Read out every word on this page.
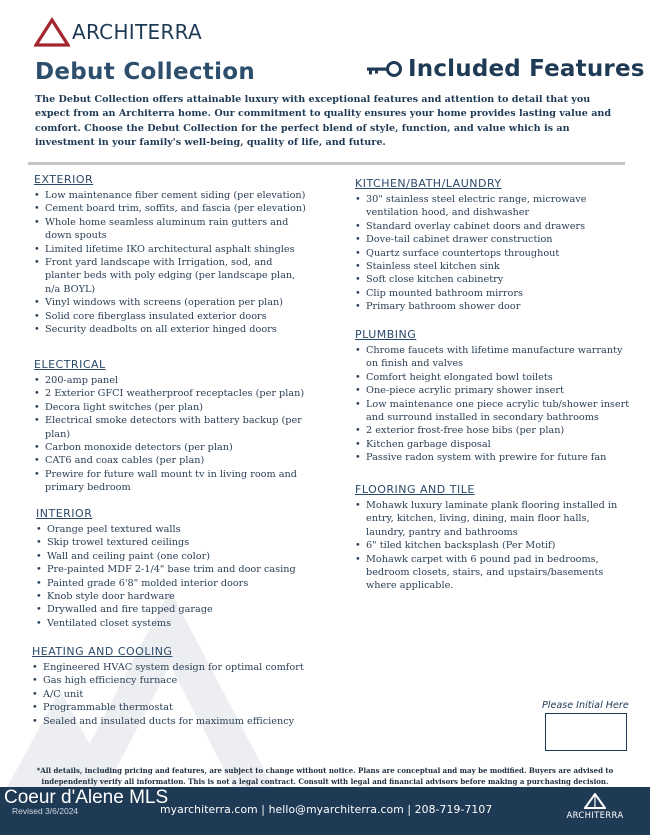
ARCHITERRA
Debut Collection	Included Features

The Debut Collection offers attainable luxury with exceptional features and attention to detail that you expect from an Architerra home. Our commitment to quality ensures your home provides lasting value and comfort. Choose the Debut Collection for the perfect blend of style, function, and value which is an investment in your family's well-being, quality of life, and future.

EXTERIOR
• Low maintenance fiber cement siding (per elevation)
• Cement board trim, soffits, and fascia (per elevation)
• Whole home seamless aluminum rain gutters and down spouts
• Limited lifetime IKO architectural asphalt shingles
• Front yard landscape with Irrigation, sod, and planter beds with poly edging (per landscape plan, n/a BOYL)
• Vinyl windows with screens (operation per plan)
• Solid core fiberglass insulated exterior doors
• Security deadbolts on all exterior hinged doors
ELECTRICAL
• 200-amp panel
• 2 Exterior GFCI weatherproof receptacles (per plan)
• Decora light switches (per plan)
• Electrical smoke detectors with battery backup (per plan)
• Carbon monoxide detectors (per plan)
• CAT6 and coax cables (per plan)
• Prewire for future wall mount tv in living room and primary bedroom
INTERIOR
• Orange peel textured walls
• Skip trowel textured ceilings
• Wall and ceiling paint (one color)
• Pre-painted MDF 2-1/4" base trim and door casing
• Painted grade 6'8" molded interior doors
• Knob style door hardware
• Drywalled and fire tapped garage
• Ventilated closet systems
HEATING AND COOLING
• Engineered HVAC system design for optimal comfort
• Gas high efficiency furnace
• A/C unit
• Programmable thermostat
• Sealed and insulated ducts for maximum efficiency
KITCHEN/BATH/LAUNDRY
• 30" stainless steel electric range, microwave ventilation hood, and dishwasher
• Standard overlay cabinet doors and drawers
• Dove-tail cabinet drawer construction
• Quartz surface countertops throughout
• Stainless steel kitchen sink
• Soft close kitchen cabinetry
• Clip mounted bathroom mirrors
• Primary bathroom shower door
PLUMBING
• Chrome faucets with lifetime manufacture warranty on finish and valves
• Comfort height elongated bowl toilets
• One-piece acrylic primary shower insert
• Low maintenance one piece acrylic tub/shower insert and surround installed in secondary bathrooms
• 2 exterior frost-free hose bibs (per plan)
• Kitchen garbage disposal
• Passive radon system with prewire for future fan
FLOORING AND TILE
• Mohawk luxury laminate plank flooring installed in entry, kitchen, living, dining, main floor halls, laundry, pantry and bathrooms
• 6" tiled kitchen backsplash (Per Motif)
• Mohawk carpet with 6 pound pad in bedrooms, bedroom closets, stairs, and upstairs/basements where applicable.
Please Initial Here

*All details, including pricing and features, are subject to change without notice. Plans are conceptual and may be modified. Buyers are advised to independently verify all information. This is not a legal contract. Consult with legal and financial advisors before making a purchasing decision.

Coeur d'Alene MLS
Revised 3/6/2024	myarchiterra.com | hello@myarchiterra.com | 208-719-7107	ARCHITERRA
